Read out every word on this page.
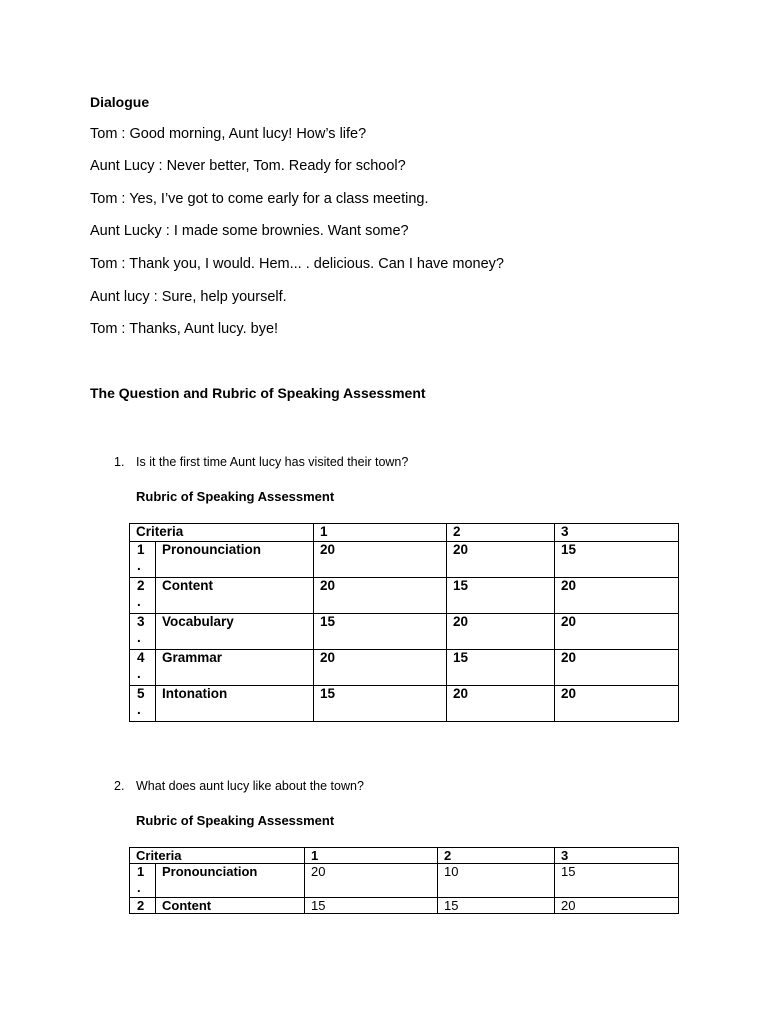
Dialogue
Tom : Good morning, Aunt lucy! How’s life?
Aunt Lucy : Never better, Tom. Ready for school?
Tom : Yes, I’ve got to come early for a class meeting.
Aunt Lucky : I made some brownies. Want some?
Tom : Thank you, I would. Hem... . delicious. Can I have money?
Aunt lucy : Sure, help yourself.
Tom : Thanks, Aunt lucy. bye!
The Question and Rubric of Speaking Assessment
1. Is it the first time Aunt lucy has visited their town?
Rubric of Speaking Assessment
Criteria		1	2	3

1
.	Pronounciation	20	20	15

2
.	Content	20	15	20

3
.	Vocabulary	15	20	20

4
.	Grammar	20	15	20

5
.	Intonation	15	20	20
2. What does aunt lucy like about the town?
Rubric of Speaking Assessment
Criteria		1	2	3

1
.	Pronounciation	20	10	15

2	Content	15	15	20
